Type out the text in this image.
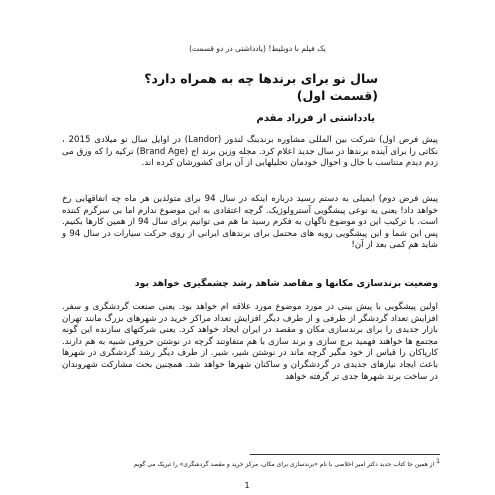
یک فیلم با دوبلیط! (یادداشتی در دو قسمت)
سال نو برای برندها چه به همراه دارد؟ (قسمت اول)
یادداشتی از فرزاد مقدم

پیش فرض اول) شرکت بین المللی مشاوره برندینگ لندور (Landor) در اوایل سال نو میلادی 2015 ، نکاتی را برای آینده برندها در سال جدید اعلام کرد. مجله وزین برند اج (Brand Age) ترکیه را که ورق می زدم دیدم متناسب با حال و احوال خودمان تحلیلهایی از آن برای کشورشان کرده اند.

پیش فرض دوم) ایمیلی به دستم رسید درباره اینکه در سال 94 برای متولدین هر ماه چه اتفاقهایی رخ خواهد داد! یعنی یه نوعی پیشگویی آسترولوژیک. گرچه اعتقادی به این موضوع ندارم اما بی سرگرم کننده است. با ترکیب این دو موضوع ناگهان به فکرم رسید ما هم می توانیم برای سال 94 از همین کارها بکنیم. پس این شما و این پیشگویی رویه های محتمل برای برندهای ایرانی از روی حرکت سیارات در سال 94 و شاید هم کمی بعد از آن!

وضعیت برندسازی مکانها و مقاصد شاهد رشد چشمگیری خواهد بود

اولین پیشگویی با پیش بینی در مورد موضوع مورد علاقه ام خواهد بود. یعنی صنعت گردشگری و سفر. افزایش تعداد گردشگر از طرفی و از طرف دیگر افزایش تعداد مراکز خرید در شهرهای بزرگ مانند تهران بازار جدیدی را برای برندسازی مکان و مقصد در ایران ایجاد خواهد کرد. یعنی شرکتهای سازنده این گونه مجتمع ها خواهند فهمید برچ سازی و برند سازی با هم متفاوتند گرچه در نوشتن حروفی شبیه به هم دارند. کارپاکان را قیاس از خود مگیر گرچه ماند در نوشتن شیر، شیر. از طرف دیگر رشد گردشگری در شهرها باعث ایجاد نیازهای جدیدی در گردشگران و ساکنان شهرها خواهد شد. همچنین بحث مشارکت شهروندان در ساخت برند شهرها جدی تر گرفته خواهد

1 از همین جا کتاب جدید دکتر امیر اخلاصی با نام «برندسازی برای مکان، مرکز خرید و مقصد گردشگری» را تبریک می گویم
1
